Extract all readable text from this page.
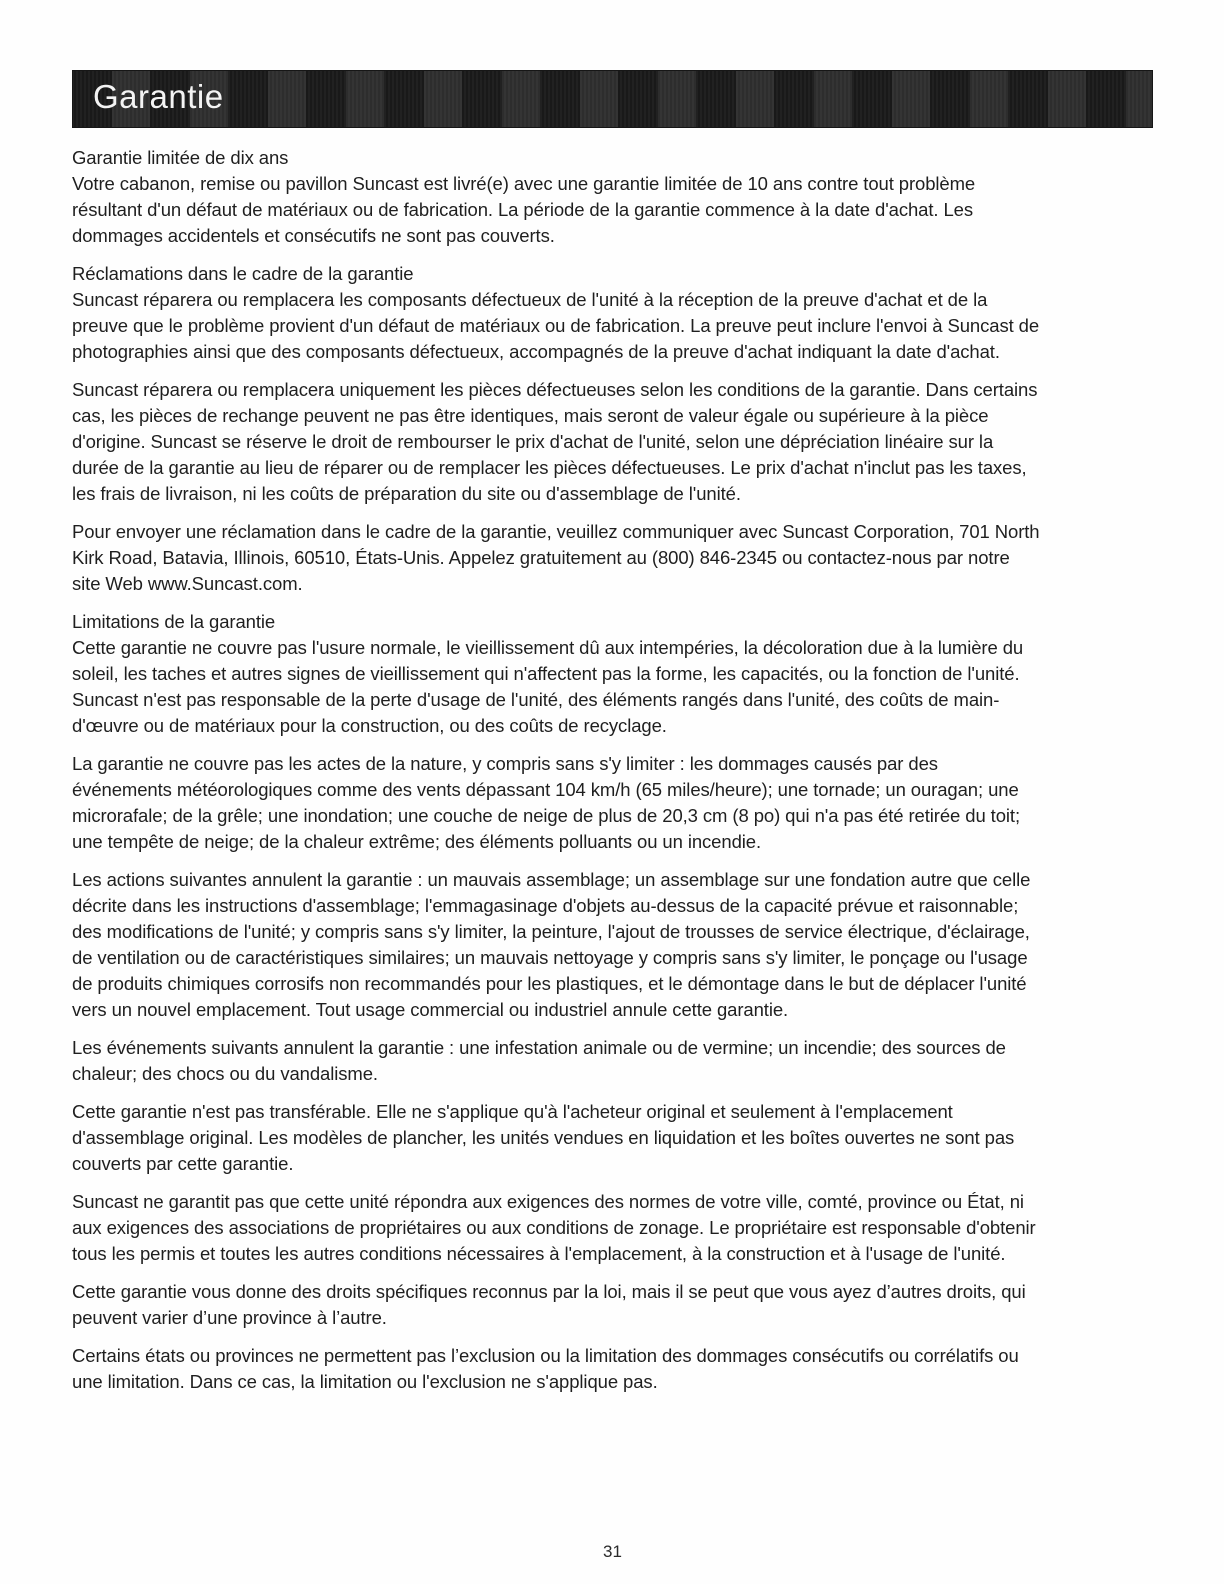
Garantie
Garantie limitée de dix ans
Votre cabanon, remise ou pavillon Suncast est livré(e) avec une garantie limitée de 10 ans contre tout problème résultant d'un défaut de matériaux ou de fabrication. La période de la garantie commence à la date d'achat. Les dommages accidentels et consécutifs ne sont pas couverts.
Réclamations dans le cadre de la garantie
Suncast réparera ou remplacera les composants défectueux de l'unité à la réception de la preuve d'achat et de la preuve que le problème provient d'un défaut de matériaux ou de fabrication. La preuve peut inclure l'envoi à Suncast de photographies ainsi que des composants défectueux, accompagnés de la preuve d'achat indiquant la date d'achat.
Suncast réparera ou remplacera uniquement les pièces défectueuses selon les conditions de la garantie. Dans certains cas, les pièces de rechange peuvent ne pas être identiques, mais seront de valeur égale ou supérieure à la pièce d'origine. Suncast se réserve le droit de rembourser le prix d'achat de l'unité, selon une dépréciation linéaire sur la durée de la garantie au lieu de réparer ou de remplacer les pièces défectueuses. Le prix d'achat n'inclut pas les taxes, les frais de livraison, ni les coûts de préparation du site ou d'assemblage de l'unité.
Pour envoyer une réclamation dans le cadre de la garantie, veuillez communiquer avec Suncast Corporation, 701 North Kirk Road, Batavia, Illinois, 60510, États-Unis. Appelez gratuitement au (800) 846-2345 ou contactez-nous par notre site Web www.Suncast.com.
Limitations de la garantie
Cette garantie ne couvre pas l'usure normale, le vieillissement dû aux intempéries, la décoloration due à la lumière du soleil, les taches et autres signes de vieillissement qui n'affectent pas la forme, les capacités, ou la fonction de l'unité. Suncast n'est pas responsable de la perte d'usage de l'unité, des éléments rangés dans l'unité, des coûts de main-d'œuvre ou de matériaux pour la construction, ou des coûts de recyclage.
La garantie ne couvre pas les actes de la nature, y compris sans s'y limiter : les dommages causés par des événements météorologiques comme des vents dépassant 104 km/h (65 miles/heure); une tornade; un ouragan; une microrafale; de la grêle; une inondation; une couche de neige de plus de 20,3 cm (8 po) qui n'a pas été retirée du toit; une tempête de neige; de la chaleur extrême; des éléments polluants ou un incendie.
Les actions suivantes annulent la garantie : un mauvais assemblage; un assemblage sur une fondation autre que celle décrite dans les instructions d'assemblage; l'emmagasinage d'objets au-dessus de la capacité prévue et raisonnable; des modifications de l'unité; y compris sans s'y limiter, la peinture, l'ajout de trousses de service électrique, d'éclairage, de ventilation ou de caractéristiques similaires; un mauvais nettoyage y compris sans s'y limiter, le ponçage ou l'usage de produits chimiques corrosifs non recommandés pour les plastiques, et le démontage dans le but de déplacer l'unité vers un nouvel emplacement. Tout usage commercial ou industriel annule cette garantie.
Les événements suivants annulent la garantie : une infestation animale ou de vermine; un incendie; des sources de chaleur; des chocs ou du vandalisme.
Cette garantie n'est pas transférable. Elle ne s'applique qu'à l'acheteur original et seulement à l'emplacement d'assemblage original. Les modèles de plancher, les unités vendues en liquidation et les boîtes ouvertes ne sont pas couverts par cette garantie.
Suncast ne garantit pas que cette unité répondra aux exigences des normes de votre ville, comté, province ou État, ni aux exigences des associations de propriétaires ou aux conditions de zonage. Le propriétaire est responsable d'obtenir tous les permis et toutes les autres conditions nécessaires à l'emplacement, à la construction et à l'usage de l'unité.
Cette garantie vous donne des droits spécifiques reconnus par la loi, mais il se peut que vous ayez d’autres droits, qui peuvent varier d’une province à l’autre.
Certains états ou provinces ne permettent pas l’exclusion ou la limitation des dommages consécutifs ou corrélatifs ou une limitation. Dans ce cas, la limitation ou l'exclusion ne s'applique pas.
31
